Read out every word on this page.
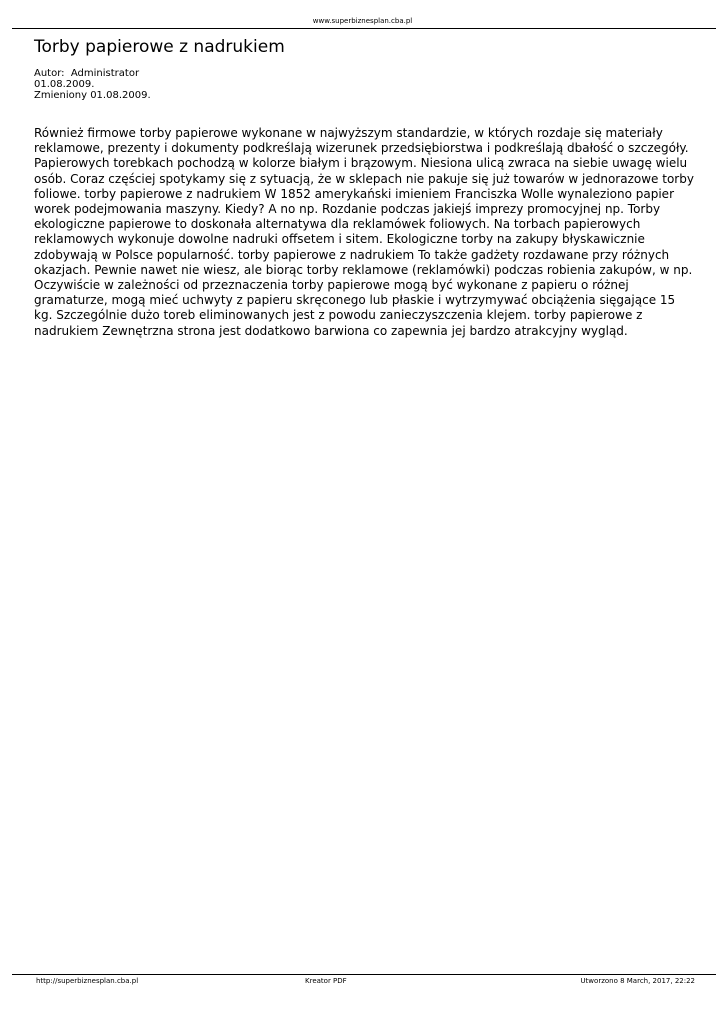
www.superbiznesplan.cba.pl
Torby papierowe z nadrukiem
Autor:  Administrator
01.08.2009.
Zmieniony 01.08.2009.

Również firmowe torby papierowe wykonane w najwyższym standardzie, w których rozdaje się materiały reklamowe, prezenty i dokumenty podkreślają wizerunek przedsiębiorstwa i podkreślają dbałość o szczegóły. Papierowych torebkach pochodzą w kolorze białym i brązowym. Niesiona ulicą zwraca na siebie uwagę wielu osób. Coraz częściej spotykamy się z sytuacją, że w sklepach nie pakuje się już towarów w jednorazowe torby foliowe. torby papierowe z nadrukiem W 1852 amerykański imieniem Franciszka Wolle wynaleziono papier worek podejmowania maszyny. Kiedy? A no np. Rozdanie podczas jakiejś imprezy promocyjnej np. Torby ekologiczne papierowe to doskonała alternatywa dla reklamówek foliowych. Na torbach papierowych reklamowych wykonuje dowolne nadruki offsetem i sitem. Ekologiczne torby na zakupy błyskawicznie zdobywają w Polsce popularność. torby papierowe z nadrukiem To także gadżety rozdawane przy różnych okazjach. Pewnie nawet nie wiesz, ale biorąc torby reklamowe (reklamówki) podczas robienia zakupów, w np. Oczywiście w zależności od przeznaczenia torby papierowe mogą być wykonane z papieru o różnej gramaturze, mogą mieć uchwyty z papieru skręconego lub płaskie i wytrzymywać obciążenia sięgające 15 kg. Szczególnie dużo toreb eliminowanych jest z powodu zanieczyszczenia klejem. torby papierowe z nadrukiem Zewnętrzna strona jest dodatkowo barwiona co zapewnia jej bardzo atrakcyjny wygląd.

http://superbiznesplan.cba.pl	Kreator PDF	Utworzono 8 March, 2017, 22:22
